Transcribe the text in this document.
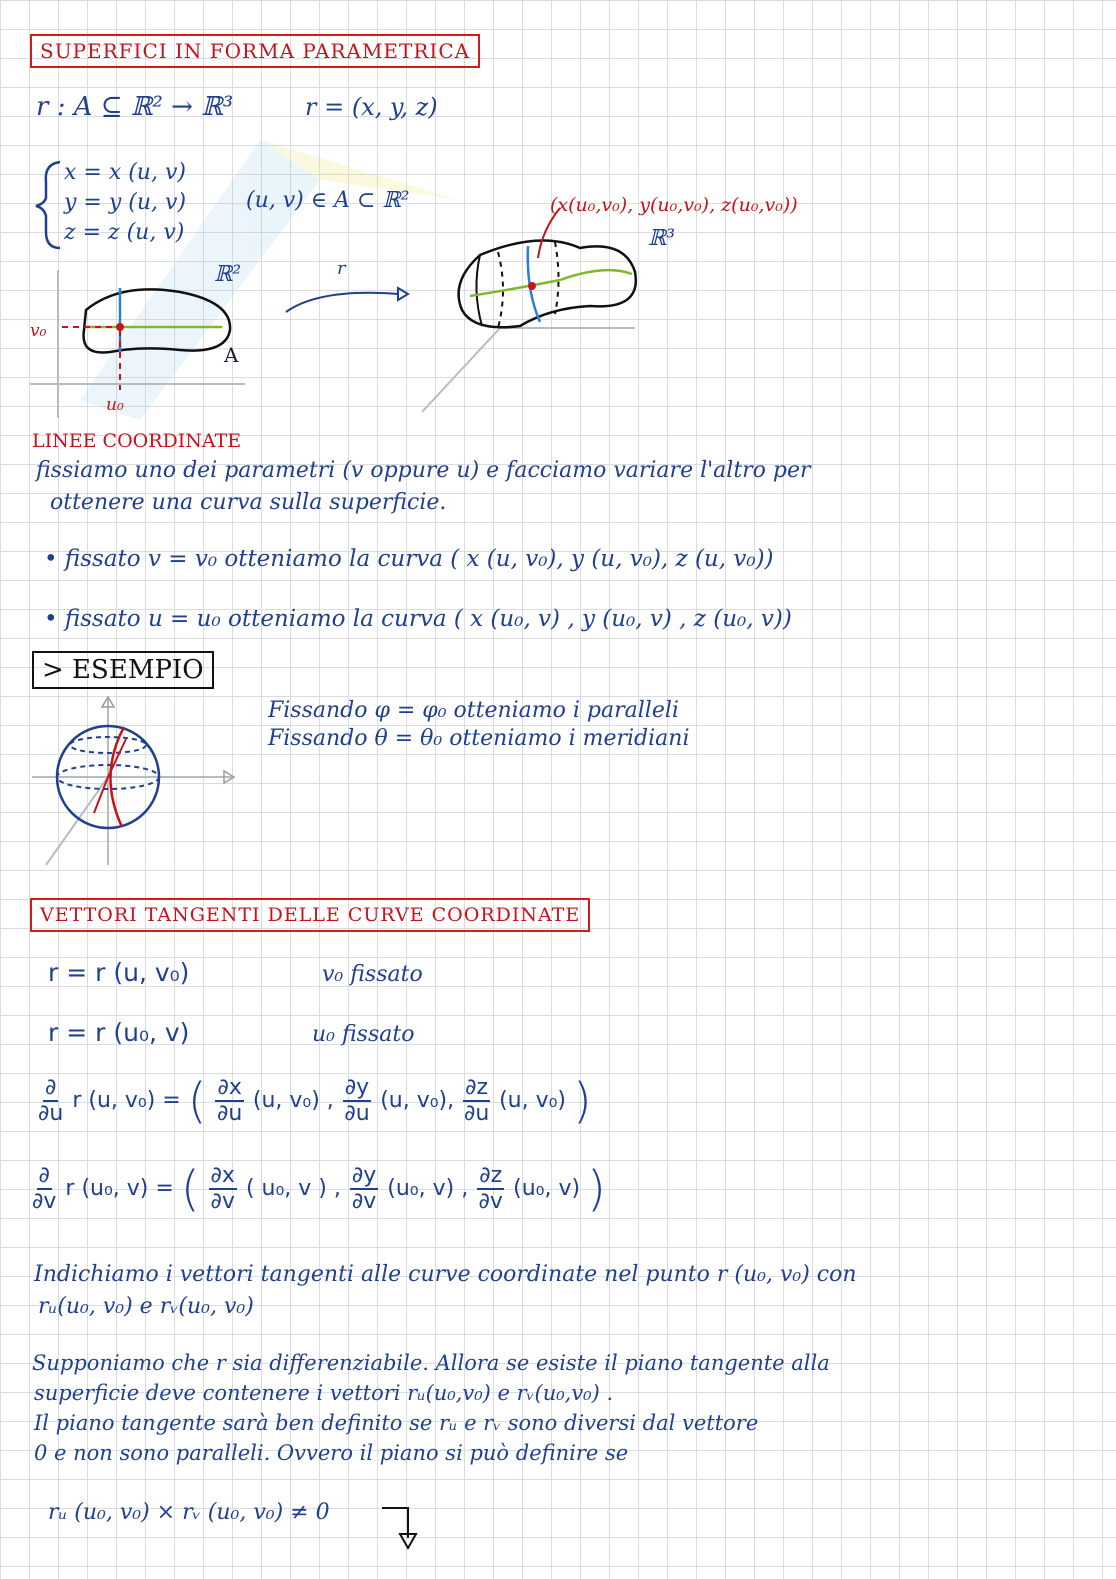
SUPERFICI IN FORMA PARAMETRICA
r : A ⊆ ℝ² → ℝ³	r = (x, y, z)
x = x (u, v)
y = y (u, v)
z = z (u, v)
(u, v) ∈ A ⊂ ℝ²	(x(u₀,v₀), y(u₀,v₀), z(u₀,v₀))
ℝ³
ℝ²	r
v₀
u₀
A
LINEE COORDINATE
fissiamo uno dei parametri (v oppure u) e facciamo variare l'altro per
ottenere una curva sulla superficie.
• fissato v = v₀ otteniamo la curva ( x (u, v₀), y (u, v₀), z (u, v₀))
• fissato u = u₀ otteniamo la curva ( x (u₀, v) , y (u₀, v) , z (u₀, v))
> ESEMPIO
Fissando φ = φ₀ otteniamo i paralleli
Fissando θ = θ₀ otteniamo i meridiani
VETTORI TANGENTI DELLE CURVE COORDINATE
r = r (u, v₀)	v₀ fissato
r = r (u₀, v)	u₀ fissato
$\frac{\partial}{\partial u}$ r (u, v₀) = ( $\frac{\partial x}{\partial u} (u$, v₀) , $\frac{\partial y}{\partial u} (u$, v₀), $\frac{\partial z}{\partial u} (u$, v₀) )
$\frac{\partial}{\partial v}$ r (u₀, v) = ( $\frac{\partial x}{\partial v}$ ( u₀, v ) , $\frac{\partial y}{\partial v} (u_0$, v) , $\frac{\partial z}{\partial v} (u_0$, v) )
Indichiamo i vettori tangenti alle curve coordinate nel punto r (u₀, v₀) con
rᵤ(u₀, v₀) e rᵥ(u₀, v₀)
Supponiamo che r sia differenziabile. Allora se esiste il piano tangente alla
superficie deve contenere i vettori rᵤ(u₀,v₀) e rᵥ(u₀,v₀) .
Il piano tangente sarà ben definito se rᵤ e rᵥ sono diversi dal vettore
0 e non sono paralleli. Ovvero il piano si può definire se
rᵤ (u₀, v₀) × rᵥ (u₀, v₀) ≠ 0
